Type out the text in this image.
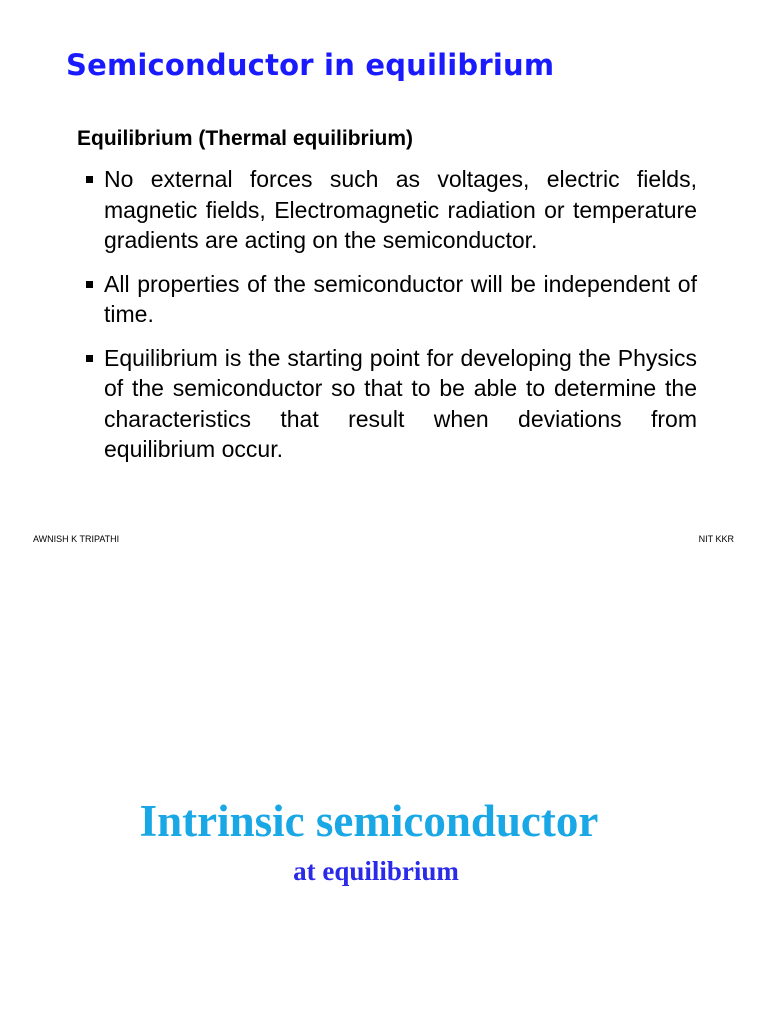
Semiconductor in equilibrium
Equilibrium (Thermal equilibrium)
No external forces such as voltages, electric fields, magnetic fields, Electromagnetic radiation or temperature gradients are acting on the semiconductor.
All properties of the semiconductor will be independent of time.
Equilibrium is the starting point for developing the Physics of the semiconductor so that to be able to determine the characteristics that result when deviations from equilibrium occur.
AWNISH K TRIPATHI	NIT KKR
Intrinsic semiconductor
at equilibrium
